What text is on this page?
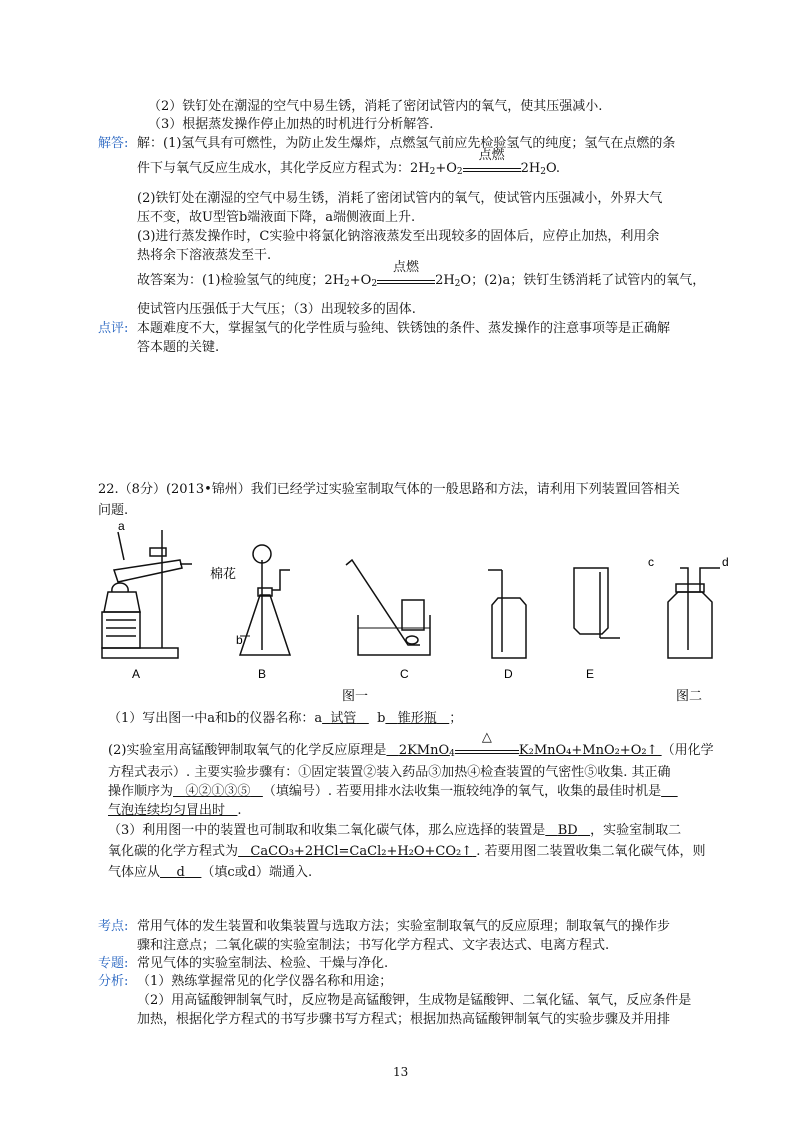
（2）铁钉处在潮湿的空气中易生锈，消耗了密闭试管内的氧气，使其压强减小.
（3）根据蒸发操作停止加热的时机进行分析解答.
解答: 解：(1)氢气具有可燃性，为防止发生爆炸，点燃氢气前应先检验氢气的纯度；氢气在点燃的条
件下与氧气反应生成水，其化学反应方程式为：$2H_2+O_2$
点燃
$2H_2O$.
(2)铁钉处在潮湿的空气中易生锈，消耗了密闭试管内的氧气，使试管内压强减小，外界大气
压不变，故U型管b端液面下降，a端侧液面上升.
(3)进行蒸发操作时，C实验中将氯化钠溶液蒸发至出现较多的固体后，应停止加热，利用余
热将余下溶液蒸发至干.
故答案为：(1)检验氢气的纯度；$2H_2+O_2$
点燃
$2H_2O$；(2)a；铁钉生锈消耗了试管内的氧气，
使试管内压强低于大气压；（3）出现较多的固体.
点评: 本题难度不大，掌握氢气的化学性质与验纯、铁锈蚀的条件、蒸发操作的注意事项等是正确解
答本题的关键.
22.（8分）(2013•锦州）我们已经学过实验室制取气体的一般思路和方法，请利用下列装置回答相关
问题.
a
棉花
b
c	d
A	B	C	D	E
图一	图二
（1）写出图一中a和b的仪器名称：a 试管 b 锥形瓶 ；
(2)实验室用高锰酸钾制取氧气的化学反应原理是 2KMnO$_4$
△
K₂MnO₄+MnO₂+O₂↑ （用化学
方程式表示）. 主要实验步骤有：①固定装置②装入药品③加热④检查装置的气密性⑤收集. 其正确
操作顺序为 ④②①③⑤ （填编号）. 若要用排水法收集一瓶较纯净的氧气，收集的最佳时机是
气泡连续均匀冒出时 .
（3）利用图一中的装置也可制取和收集二氧化碳气体，那么应选择的装置是 BD ，实验室制取二
氧化碳的化学方程式为 CaCO₃+2HCl=CaCl₂+H₂O+CO₂↑ . 若要用图二装置收集二氧化碳气体，则
气体应从 d （填c或d）端通入.
考点: 常用气体的发生装置和收集装置与选取方法；实验室制取氧气的反应原理；制取氧气的操作步
骤和注意点；二氧化碳的实验室制法；书写化学方程式、文字表达式、电离方程式.
专题: 常见气体的实验室制法、检验、干燥与净化.
分析: （1）熟练掌握常见的化学仪器名称和用途；
（2）用高锰酸钾制氧气时，反应物是高锰酸钾，生成物是锰酸钾、二氧化锰、氧气，反应条件是
加热，根据化学方程式的书写步骤书写方程式；根据加热高锰酸钾制氧气的实验步骤及并用排
13
